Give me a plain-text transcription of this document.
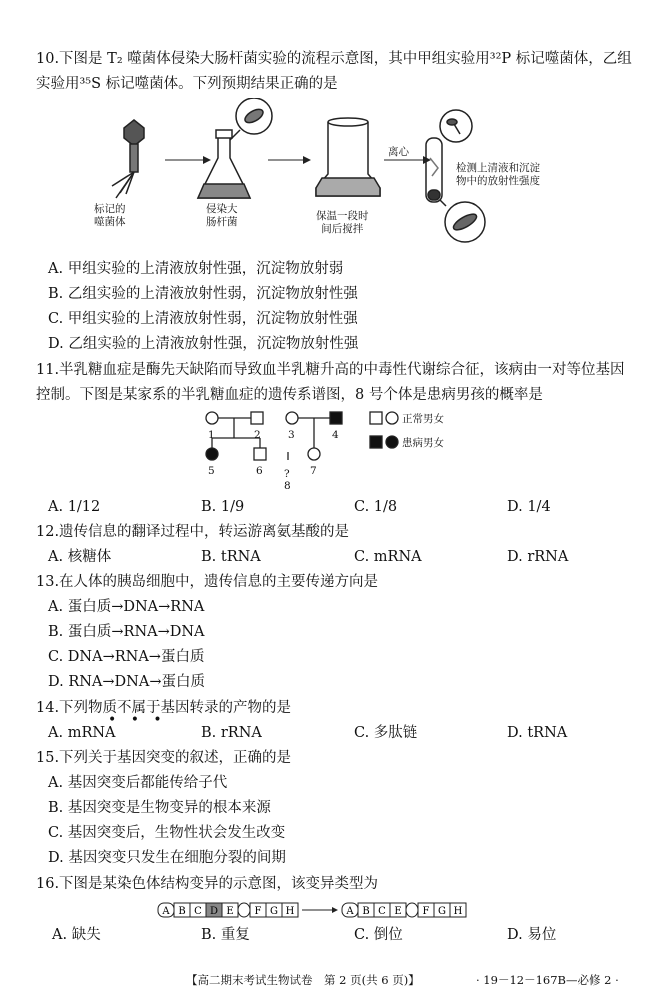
10.下图是 T₂ 噬菌体侵染大肠杆菌实验的流程示意图，其中甲组实验用³²P 标记噬菌体，乙组
实验用³⁵S 标记噬菌体。下列预期结果正确的是
标记的
噬菌体
侵染大
肠杆菌	保温一段时
间后搅拌
离心
检测上清液和沉淀
物中的放射性强度
A. 甲组实验的上清液放射性强，沉淀物放射弱
B. 乙组实验的上清液放射性弱，沉淀物放射性强
C. 甲组实验的上清液放射性弱，沉淀物放射性强
D. 乙组实验的上清液放射性强，沉淀物放射性强
11.半乳糖血症是酶先天缺陷而导致血半乳糖升高的中毒性代谢综合征，该病由一对等位基因
控制。下图是某家系的半乳糖血症的遗传系谱图，8 号个体是患病男孩的概率是
1	2	3	4
5	6	7
?
8
正常男女
患病男女
A. 1/12	B. 1/9	C. 1/8	D. 1/4
12.遗传信息的翻译过程中，转运游离氨基酸的是
A. 核糖体	B. tRNA	C. mRNA	D. rRNA
13.在人体的胰岛细胞中，遗传信息的主要传递方向是
A. 蛋白质→DNA→RNA
B. 蛋白质→RNA→DNA
C. DNA→RNA→蛋白质
D. RNA→DNA→蛋白质
14.下列物质不属于基因转录的产物的是
• • •
A. mRNA	B. rRNA	C. 多肽链	D. tRNA
15.下列关于基因突变的叙述，正确的是
A. 基因突变后都能传给子代
B. 基因突变是生物变异的根本来源
C. 基因突变后，生物性状会发生改变
D. 基因突变只发生在细胞分裂的间期
16.下图是某染色体结构变异的示意图，该变异类型为
A B C D E F G H	A B C E F G H
A. 缺失	B. 重复	C. 倒位	D. 易位
【高二期末考试生物试卷　第 2 页(共 6 页)】	· 19－12－167B—必修 2 ·
